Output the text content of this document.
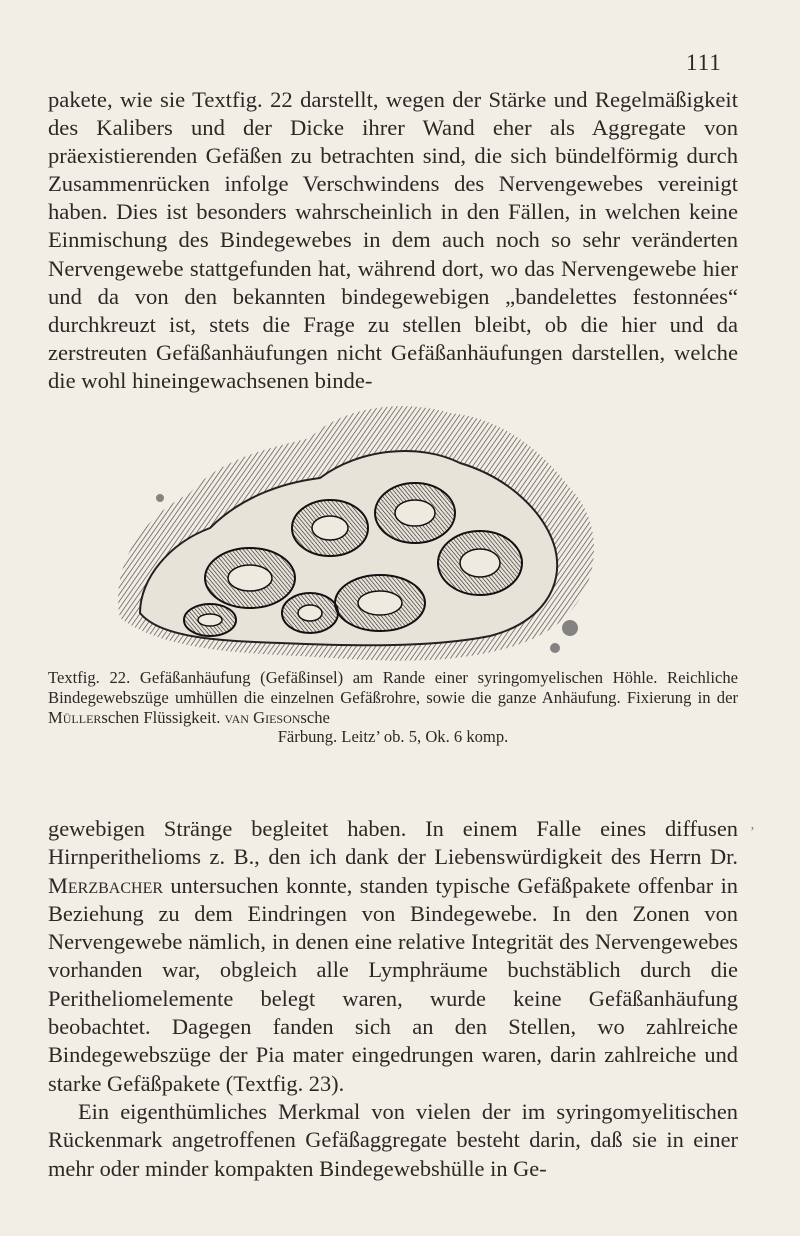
111

pakete, wie sie Textfig. 22 darstellt, wegen der Stärke und Regelmäßigkeit des Kalibers und der Dicke ihrer Wand eher als Aggregate von präexistierenden Gefäßen zu betrachten sind, die sich bündelförmig durch Zusammenrücken infolge Verschwindens des Nervengewebes vereinigt haben. Dies ist besonders wahrscheinlich in den Fällen, in welchen keine Einmischung des Bindegewebes in dem auch noch so sehr veränderten Nervengewebe stattgefunden hat, während dort, wo das Nervengewebe hier und da von den bekannten bindegewebigen „bandelettes festonnées“ durchkreuzt ist, stets die Frage zu stellen bleibt, ob die hier und da zerstreuten Gefäßanhäufungen nicht Gefäßanhäufungen darstellen, welche die wohl hineingewachsenen binde-

Textfig. 22. Gefäßanhäufung (Gefäßinsel) am Rande einer syringomyelischen Höhle. Reichliche Bindegewebszüge umhüllen die einzelnen Gefäßrohre, sowie die ganze Anhäufung. Fixierung in der Müllerschen Flüssigkeit. van Giesonsche
Färbung. Leitz’ ob. 5, Ok. 6 komp.

gewebigen Stränge begleitet haben. In einem Falle eines diffusen Hirnperithelioms z. B., den ich dank der Liebenswürdigkeit des Herrn Dr. Merzbacher untersuchen konnte, standen typische Gefäßpakete offenbar in Beziehung zu dem Eindringen von Bindegewebe. In den Zonen von Nervengewebe nämlich, in denen eine relative Integrität des Nervengewebes vorhanden war, obgleich alle Lymphräume buchstäblich durch die Peritheliomelemente belegt waren, wurde keine Gefäßanhäufung beobachtet. Dagegen fanden sich an den Stellen, wo zahlreiche Bindegewebszüge der Pia mater eingedrungen waren, darin zahlreiche und starke Gefäßpakete (Textfig. 23).
Ein eigenthümliches Merkmal von vielen der im syringomyelitischen Rückenmark angetroffenen Gefäßaggregate besteht darin, daß sie in einer mehr oder minder kompakten Bindegewebshülle in Ge-

’
